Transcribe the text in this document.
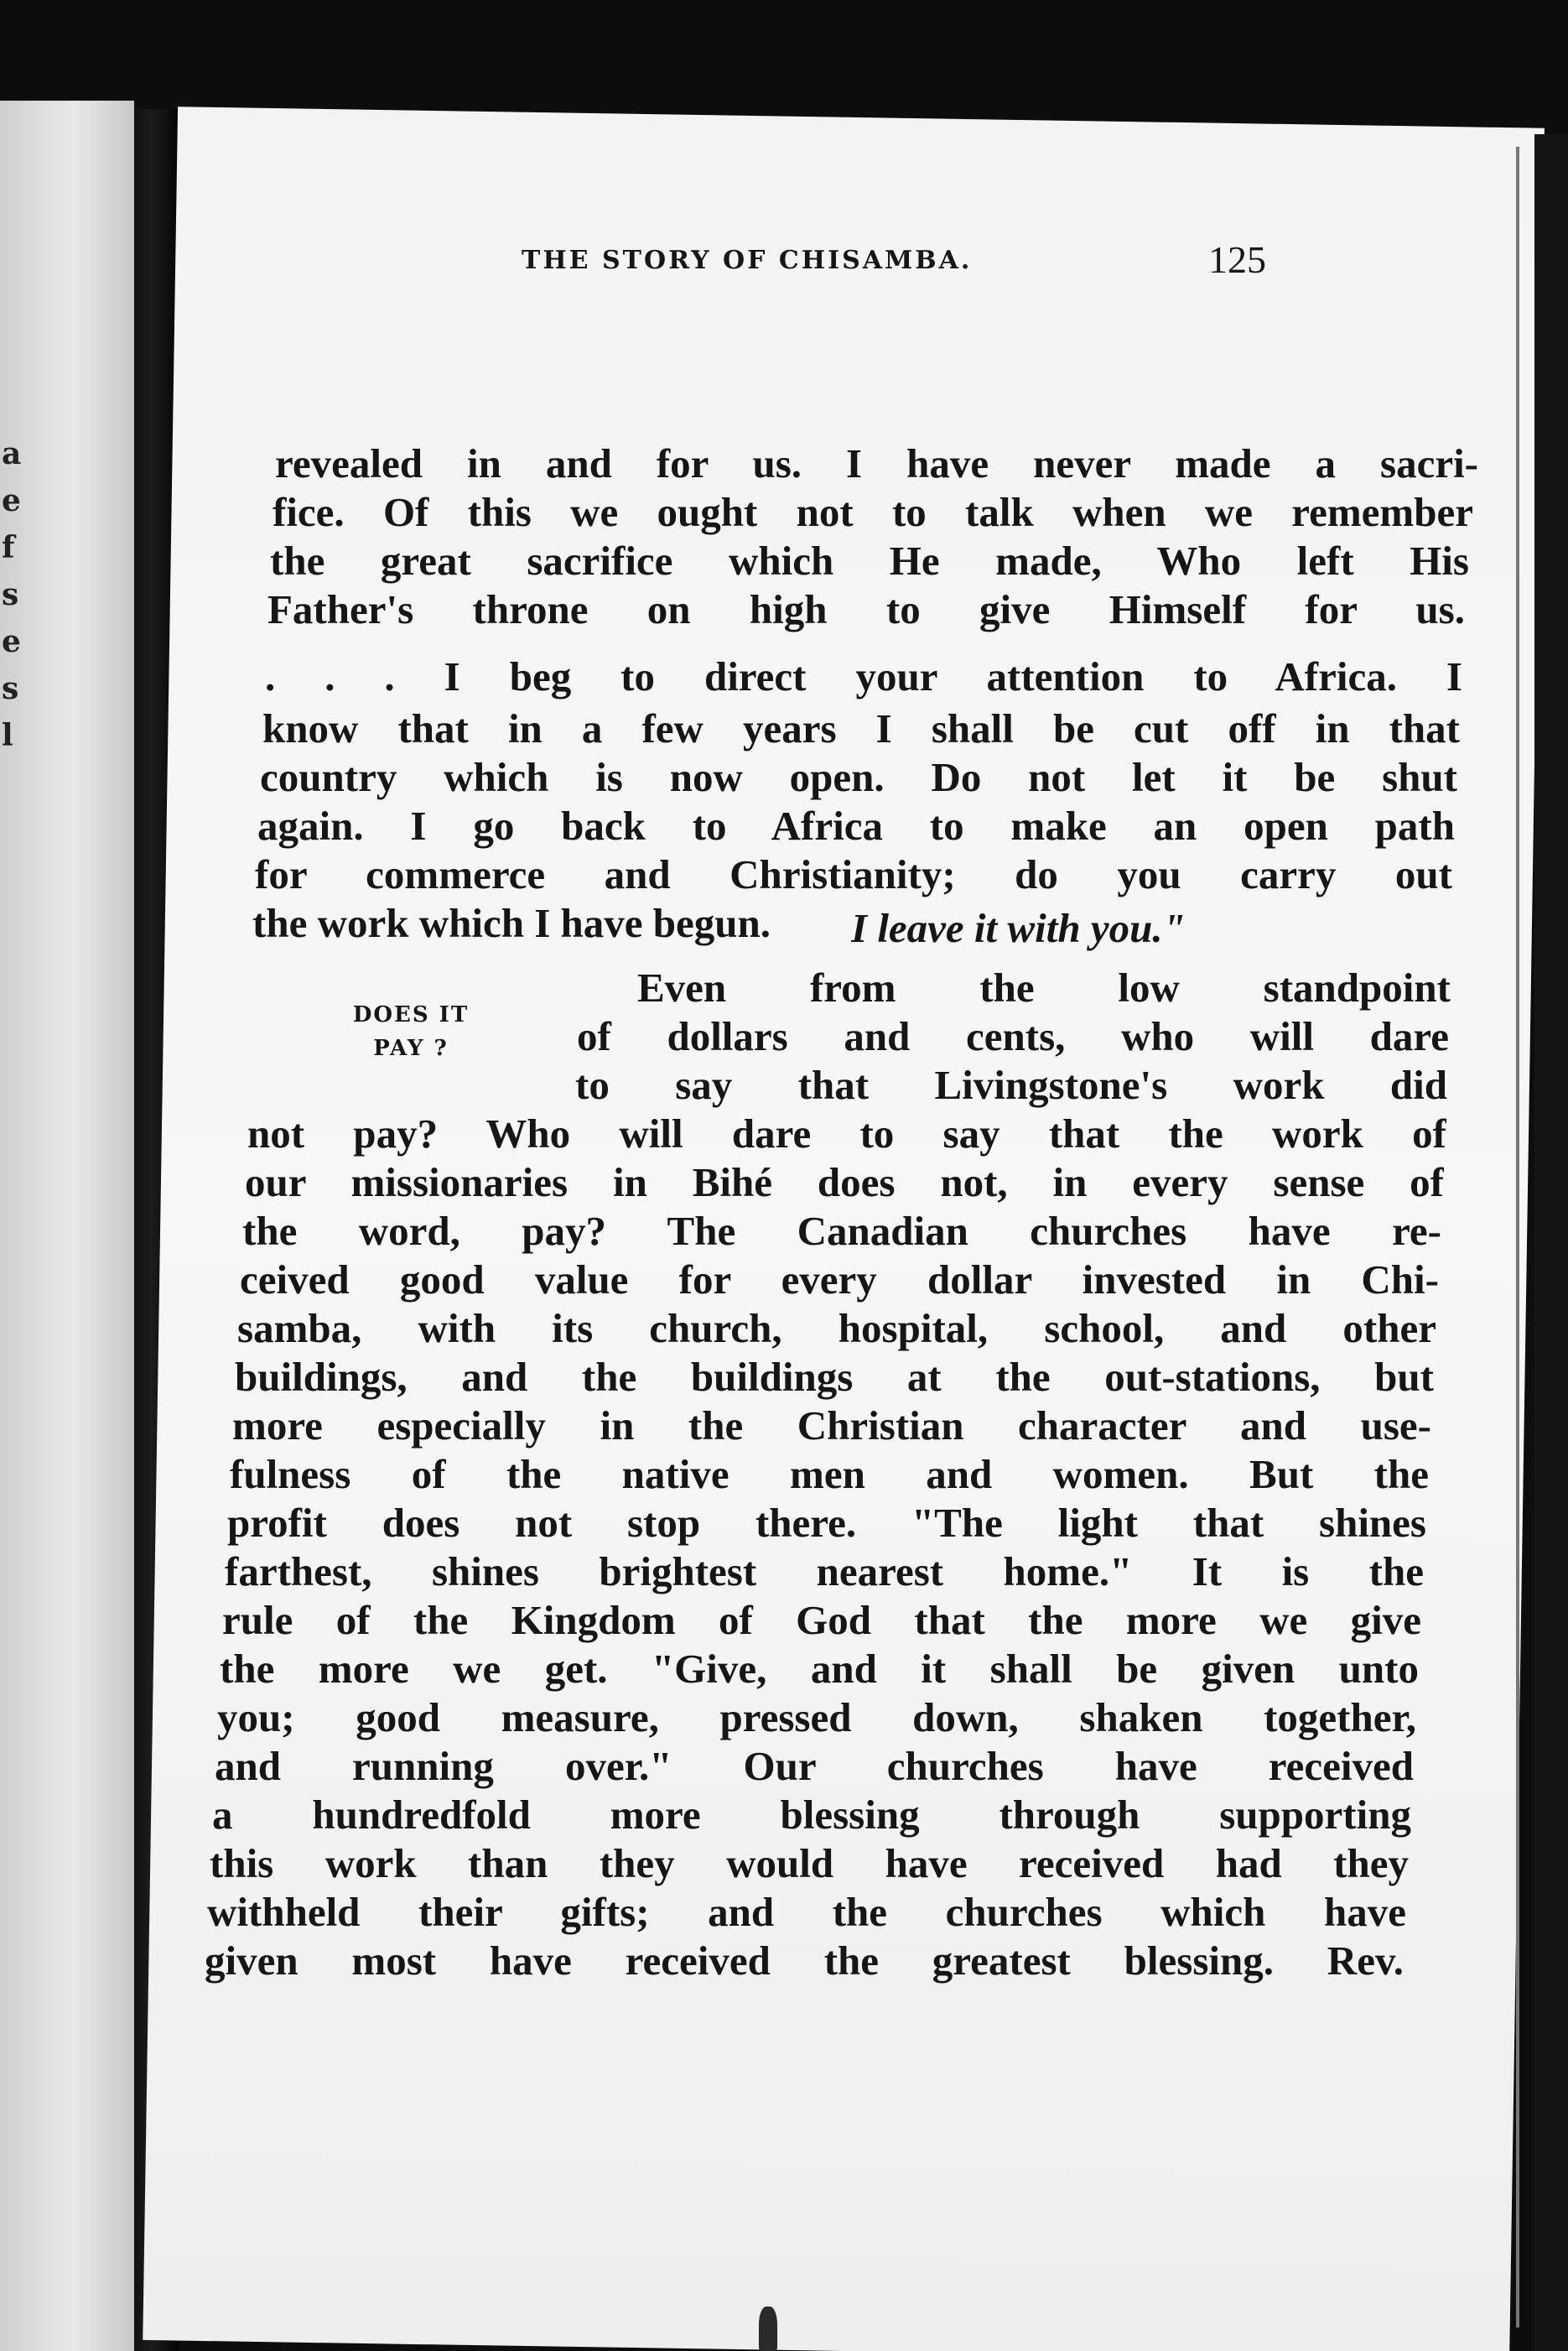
a
e
f
s
e
s
l
THE STORY OF CHISAMBA.	125
DOES IT
PAY ?
revealed in and for us. I have never made a sacri-
fice. Of this we ought not to talk when we remember
the great sacrifice which He made, Who left His
Father's throne on high to give Himself for us.
. . . I beg to direct your attention to Africa. I
know that in a few years I shall be cut off in that
country which is now open. Do not let it be shut
again. I go back to Africa to make an open path
for commerce and Christianity; do you carry out
the work which I have begun.	I leave it with you."
Even from the low standpoint
of dollars and cents, who will dare
to say that Livingstone's work did
not pay? Who will dare to say that the work of
our missionaries in Bihé does not, in every sense of
the word, pay? The Canadian churches have re-
ceived good value for every dollar invested in Chi-
samba, with its church, hospital, school, and other
buildings, and the buildings at the out-stations, but
more especially in the Christian character and use-
fulness of the native men and women. But the
profit does not stop there. "The light that shines
farthest, shines brightest nearest home." It is the
rule of the Kingdom of God that the more we give
the more we get. "Give, and it shall be given unto
you; good measure, pressed down, shaken together,
and running over." Our churches have received
a hundredfold more blessing through supporting
this work than they would have received had they
withheld their gifts; and the churches which have
given most have received the greatest blessing. Rev.
